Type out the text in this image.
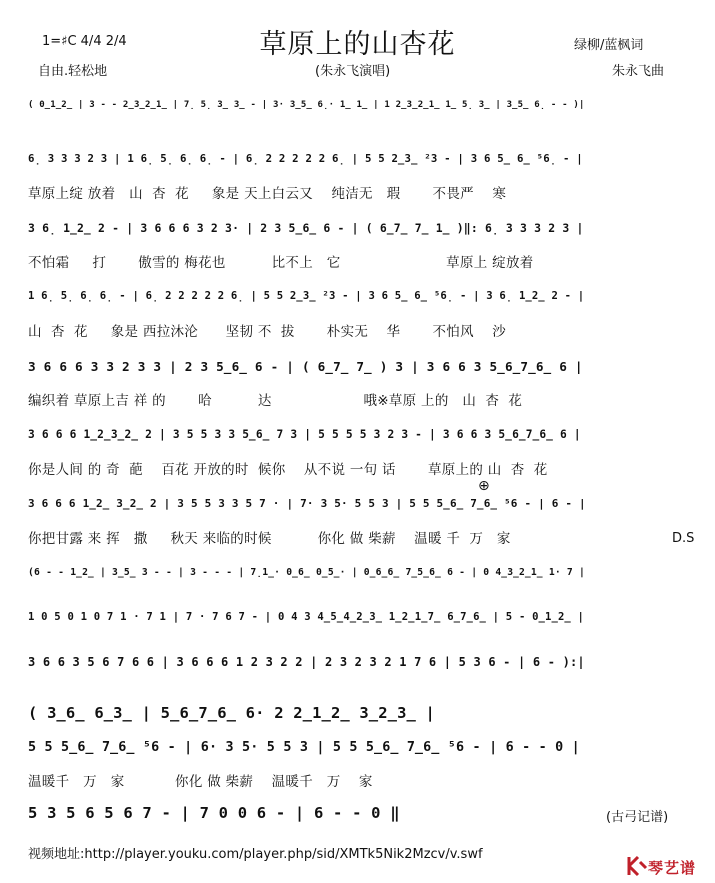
草原上的山杏花
1=♯C 4/4 2/4
自由.轻松地	(朱永飞演唱)
绿柳/蓝枫词
朱永飞曲
( 0̲1̲2̲ | 3 - - 2̲3̲2̲1̲ | 7̣ 5̣ 3̲ 3̲ - | 3· 3̲5̲ 6̣· 1̲ 1̲ | 1 2̲3̲2̲1̲ 1̲ 5̣ 3̲ | 3̲5̲ 6̣ - - )|
6̣ 3 3 3 2 3 | 1 6̣ 5̣ 6̣ 6̣ - | 6̣ 2 2 2 2 2 6̣ | 5 5 2̲3̲ ²3 - | 3 6 5̲ 6̲ ⁵6̣ - |
草原上绽 放着   山  杏  花     象是 天上白云又    纯洁无   瑕       不畏严    寒
3 6̣ 1̲2̲ 2 - | 3 6 6 6 3 2 3· | 2 3 5̲6̲ 6 - | ( 6̲7̲ 7̲ 1̲ )‖: 6̣ 3 3 3 2 3 |
不怕霜     打       傲雪的 梅花也          比不上   它                       草原上 绽放着
1 6̣ 5̣ 6̣ 6̣ - | 6̣ 2 2 2 2 2 6̣ | 5 5 2̲3̲ ²3 - | 3 6 5̲ 6̲ ⁵6̣ - | 3 6̣ 1̲2̲ 2 - |
山  杏  花     象是 西拉沐沦      坚韧 不  拔       朴实无    华       不怕风    沙
3 6 6 6 3 3 2 3 3 | 2 3 5̲6̲ 6 - | ( 6̲7̲ 7̲ ) 3 | 3 6 6 3 5̲6̲7̲6̲ 6 |
编织着 草原上吉 祥 的       哈          达                    哦※草原 上的   山  杏  花
3 6 6 6 1̲2̲3̲2̲ 2 | 3 5 5 3 3 5̲6̲ 7 3 | 5 5 5 5 3 2 3 - | 3 6 6 3 5̲6̲7̲6̲ 6 |
你是人间 的 奇  葩    百花 开放的时  候你    从不说 一句 话       草原上的 山  杏  花
3 6 6 6 1̲2̲ 3̲2̲ 2 | 3 5 5 3 3 5 7 · | 7· 3 5· 5 5 3 | 5 5 5̲6̲ 7̲6̲ ⁵6 - | 6 - |
你把甘露 来 挥   撒     秋天 来临的时候          你化 做 柴薪    温暖 千  万   家
(6 - - 1̲2̲ | 3̲5̲ 3 - - | 3 - - - | 7̣1̲· 0̲6̲ 0̲5̲· | 0̲6̲6̲ 7̲5̲6̲ 6 - | 0 4̲3̲2̲1̲ 1· 7 |
1 0 5 0 1 0 7 1 · 7 1 | 7 · 7 6 7 - | 0 4 3 4̲5̲4̲2̲3̲ 1̲2̲1̲7̲ 6̲7̲6̲ | 5 - 0̲1̲2̲ |
3 6 6 3 5 6 7 6 6 | 3 6 6 6 1 2 3 2 2 | 2 3 2 3 2 1 7 6 | 5 3 6 - | 6 - ):|
( 3̲6̲ 6̲3̲ | 5̲6̲7̲6̲ 6· 2 2̲1̲2̲ 3̲2̲3̲ |
5 5 5̲6̲ 7̲6̲ ⁵6 - | 6· 3 5· 5 5 3 | 5 5 5̲6̲ 7̲6̲ ⁵6 - | 6 - - 0 |
温暖千   万   家           你化 做 柴薪    温暖千   万    家
5 3 5 6 5 6 7 - | 7 0 0 6 - | 6 - - 0 ‖
⊕
D.S
(古弓记谱)
视频地址:http://player.youku.com/player.php/sid/XMTk5Nik2Mzcv/v.swf
琴艺谱
